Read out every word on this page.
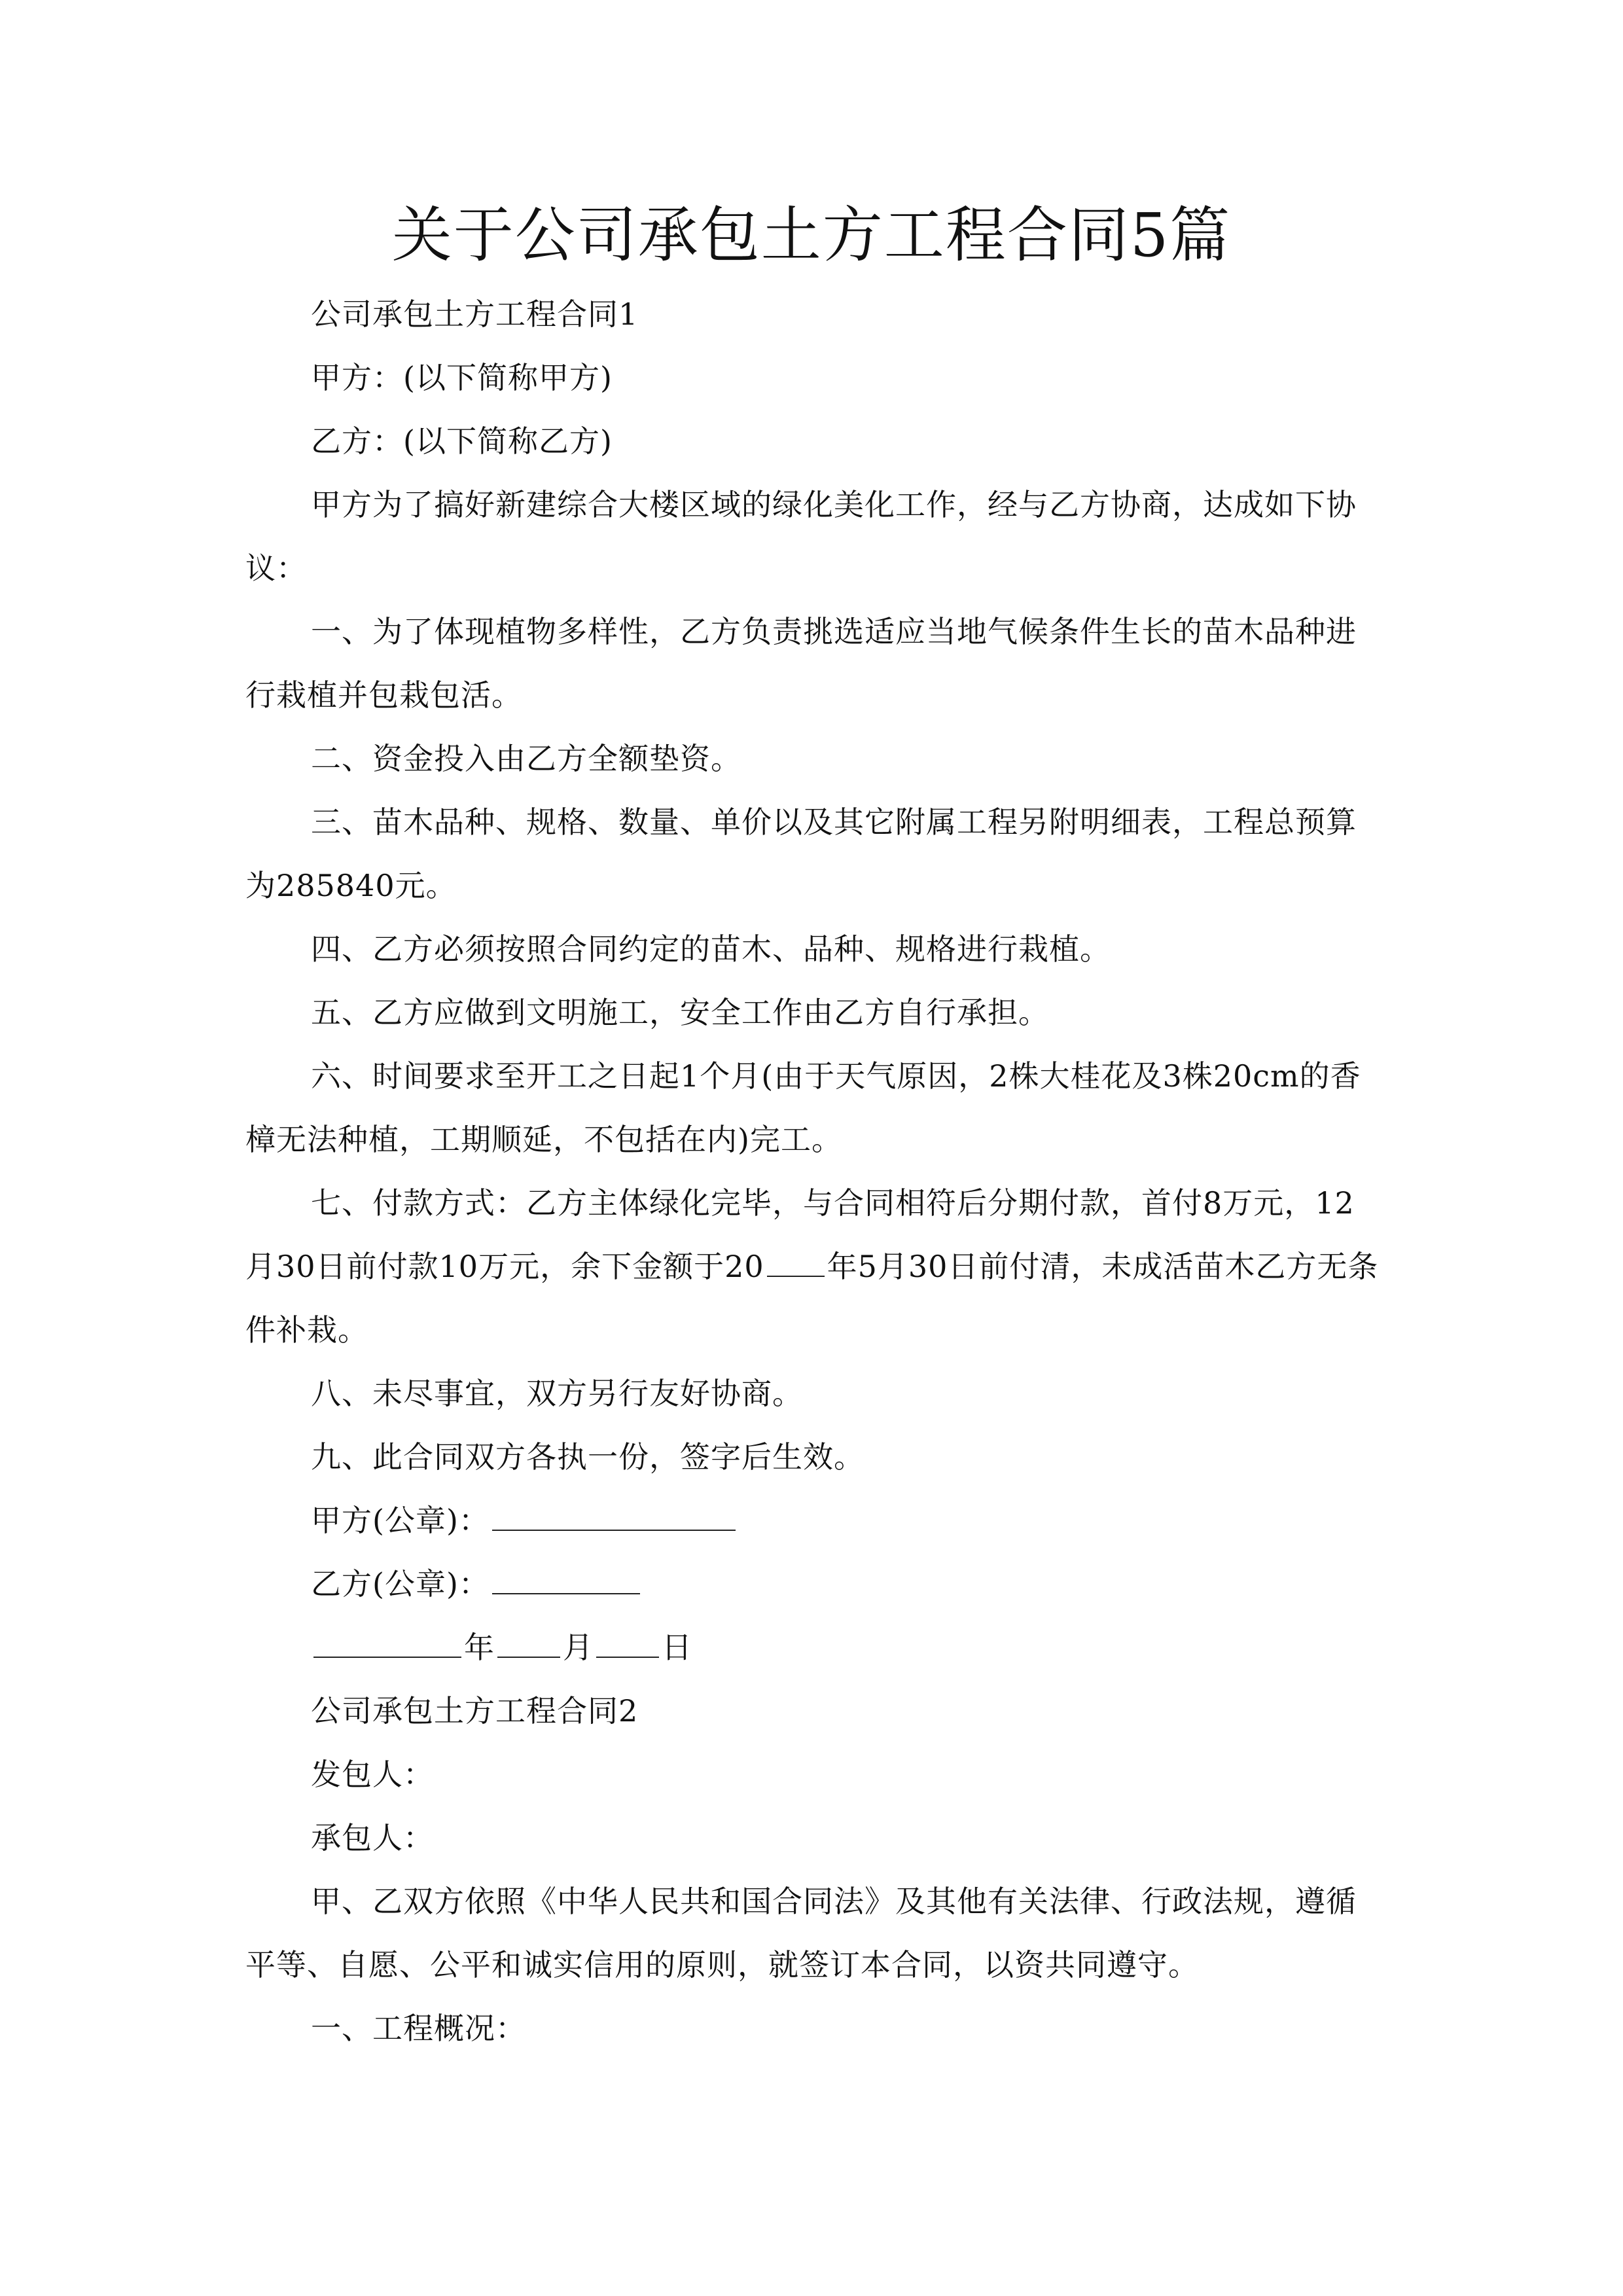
关于公司承包土方工程合同5篇

公司承包土方工程合同1

甲方：(以下简称甲方)

乙方：(以下简称乙方)

甲方为了搞好新建综合大楼区域的绿化美化工作，经与乙方协商，达成如下协议：

一、为了体现植物多样性，乙方负责挑选适应当地气候条件生长的苗木品种进行栽植并包栽包活。

二、资金投入由乙方全额垫资。

三、苗木品种、规格、数量、单价以及其它附属工程另附明细表，工程总预算为285840元。

四、乙方必须按照合同约定的苗木、品种、规格进行栽植。

五、乙方应做到文明施工，安全工作由乙方自行承担。

六、时间要求至开工之日起1个月(由于天气原因，2株大桂花及3株20cm的香樟无法种植，工期顺延，不包括在内)完工。

七、付款方式：乙方主体绿化完毕，与合同相符后分期付款，首付8万元，12月30日前付款10万元，余下金额于20 年5月30日前付清，未成活苗木乙方无条件补栽。

八、未尽事宜，双方另行友好协商。

九、此合同双方各执一份，签字后生效。

甲方(公章)：

乙方(公章)：

年 月 日

公司承包土方工程合同2

发包人：

承包人：

甲、乙双方依照《中华人民共和国合同法》及其他有关法律、行政法规，遵循平等、自愿、公平和诚实信用的原则，就签订本合同，以资共同遵守。

一、工程概况：
